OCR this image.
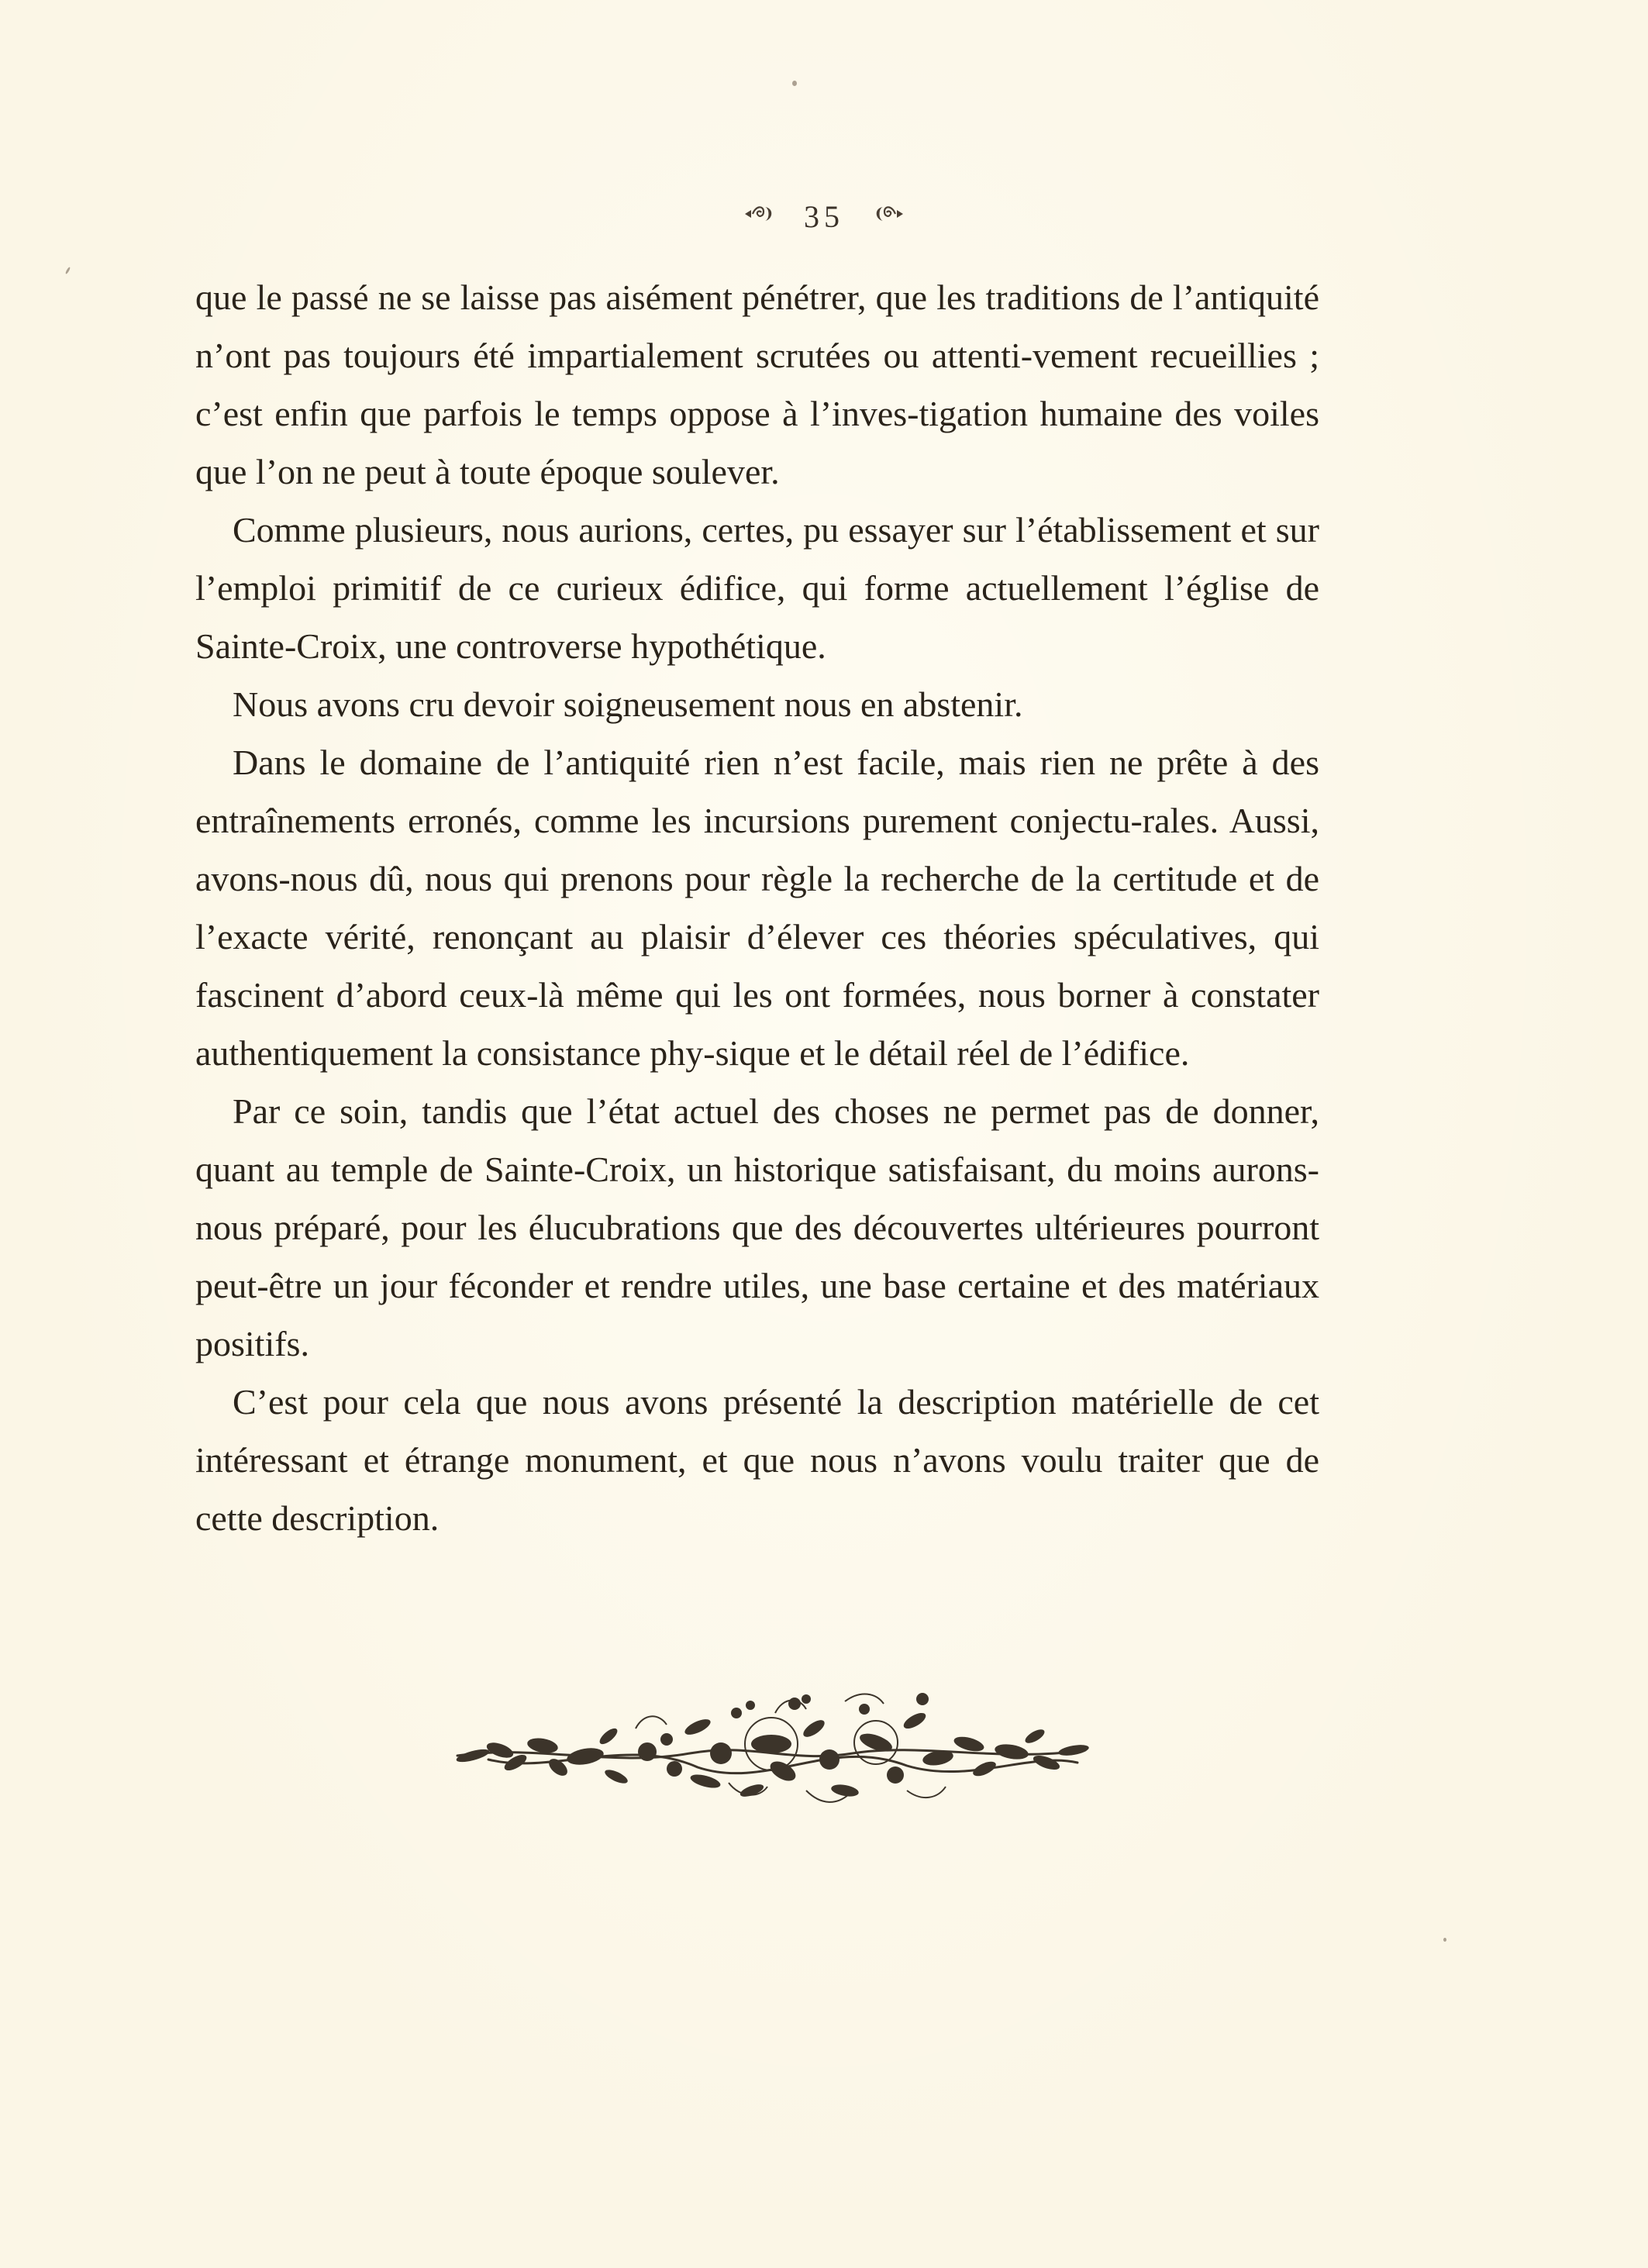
35

que le passé ne se laisse pas aisément pénétrer, que les traditions de l’antiquité n’ont pas toujours été impartialement scrutées ou attenti-vement recueillies ; c’est enfin que parfois le temps oppose à l’inves-tigation humaine des voiles que l’on ne peut à toute époque soulever.

Comme plusieurs, nous aurions, certes, pu essayer sur l’établissement et sur l’emploi primitif de ce curieux édifice, qui forme actuellement l’église de Sainte-Croix, une controverse hypothétique.

Nous avons cru devoir soigneusement nous en abstenir.

Dans le domaine de l’antiquité rien n’est facile, mais rien ne prête à des entraînements erronés, comme les incursions purement conjectu-rales. Aussi, avons-nous dû, nous qui prenons pour règle la recherche de la certitude et de l’exacte vérité, renonçant au plaisir d’élever ces théories spéculatives, qui fascinent d’abord ceux-là même qui les ont formées, nous borner à constater authentiquement la consistance phy-sique et le détail réel de l’édifice.

Par ce soin, tandis que l’état actuel des choses ne permet pas de donner, quant au temple de Sainte-Croix, un historique satisfaisant, du moins aurons-nous préparé, pour les élucubrations que des découvertes ultérieures pourront peut-être un jour féconder et rendre utiles, une base certaine et des matériaux positifs.

C’est pour cela que nous avons présenté la description matérielle de cet intéressant et étrange monument, et que nous n’avons voulu traiter que de cette description.
